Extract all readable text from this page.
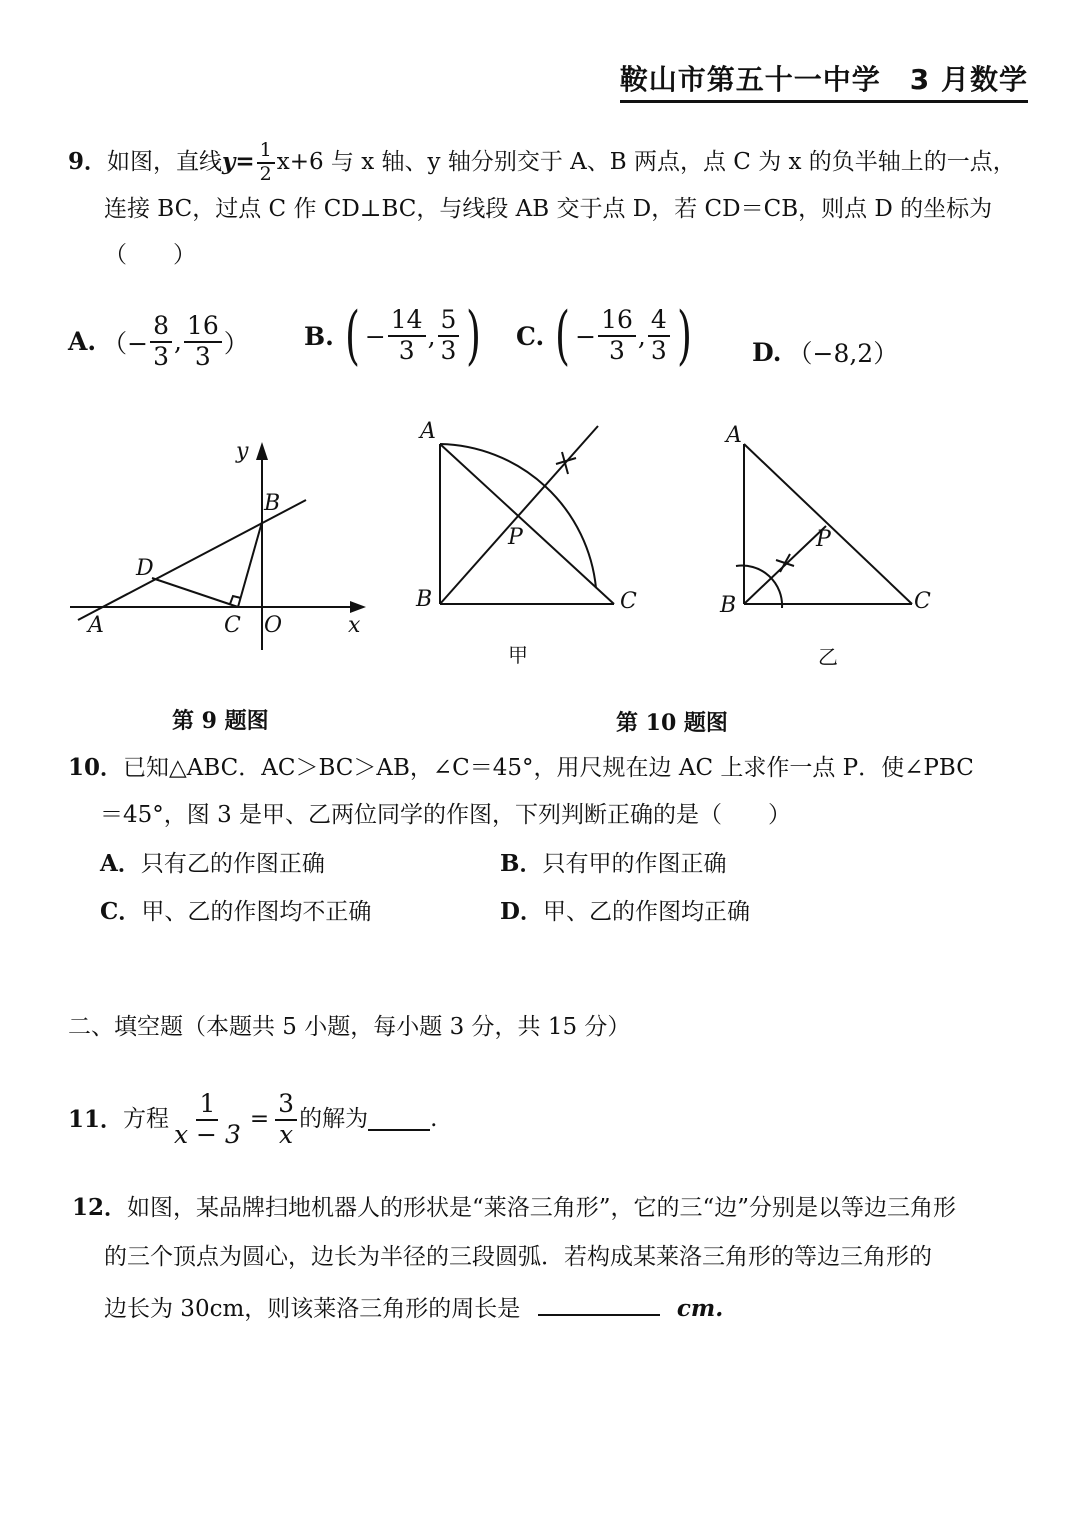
鞍山市第五十一中学　3 月数学
9．如图，直线$y= \frac{1}{2} x+6$ 与 x 轴、y 轴分别交于 A、B 两点，点 C 为 x 的负半轴上的一点，
连接 BC，过点 C 作 CD⊥BC，与线段 AB 交于点 D，若 CD＝CB，则点 D 的坐标为
（　　）
A. （− $\frac{8}{3}$ , $\frac{16}{3}$ ） B. ( − $\frac{14}{3}$ , $\frac{5}{3}$ ) C. ( − $\frac{16}{3}$ , $\frac{4}{3}$ ) D. （−8,2）
y
B
D
A	C O	x
A
P
B	C
甲
A
P
B	C
乙
第 9 题图	第 10 题图
10．已知△ABC．AC＞BC＞AB，∠C＝45°，用尺规在边 AC 上求作一点 P．使∠PBC
＝45°，图 3 是甲、乙两位同学的作图，下列判断正确的是（　　）
A．只有乙的作图正确	B．只有甲的作图正确
C．甲、乙的作图均不正确	D．甲、乙的作图均正确
二、填空题（本题共 5 小题，每小题 3 分，共 15 分）
11． 方程 $\frac{1}{x - 3} = \frac{3}{x}$ 的解为	.
12．如图，某品牌扫地机器人的形状是“莱洛三角形”，它的三“边”分别是以等边三角形
的三个顶点为圆心，边长为半径的三段圆弧．若构成某莱洛三角形的等边三角形的
边长为 30cm，则该莱洛三角形的周长是	cm.
